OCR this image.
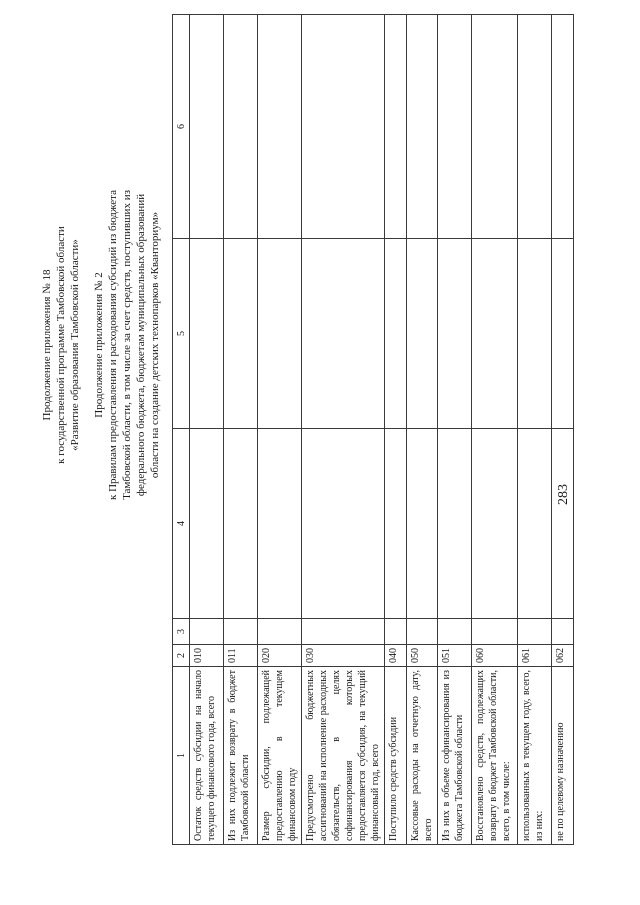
283
Продолжение приложения № 18 к государственной программе Тамбовской области «Развитие образования Тамбовской области» Продолжение приложения № 2 к Правилам предоставления и расходования субсидий из бюджета Тамбовской области, в том числе за счет средств, поступивших из федерального бюджета, бюджетам муниципальных образований области на создание детских технопарков «Кванториум»
1	2	3	4	5	6
Остаток средств субсидии на начало текущего финансового года, всего	010				
Из них подлежит возврату в бюджет Тамбовской области	011				
Размер субсидии, подлежащей предоставлению в текущем финансовом году	020				
Предусмотрено бюджетных ассигнований на исполнение расходных обязательств, в целях софинансирования которых предоставляется субсидия, на текущий финансовый год, всего	030				
Поступило средств субсидии	040				
Кассовые расходы на отчетную дату, всего	050				
Из них в объеме софинансирования из бюджета Тамбовской области	051				
Восстановлено средств, подлежащих возврату в бюджет Тамбовской области, всего, в том числе:	060				
использованных в текущем году, всего, из них:	061				
не по целевому назначению	062				
